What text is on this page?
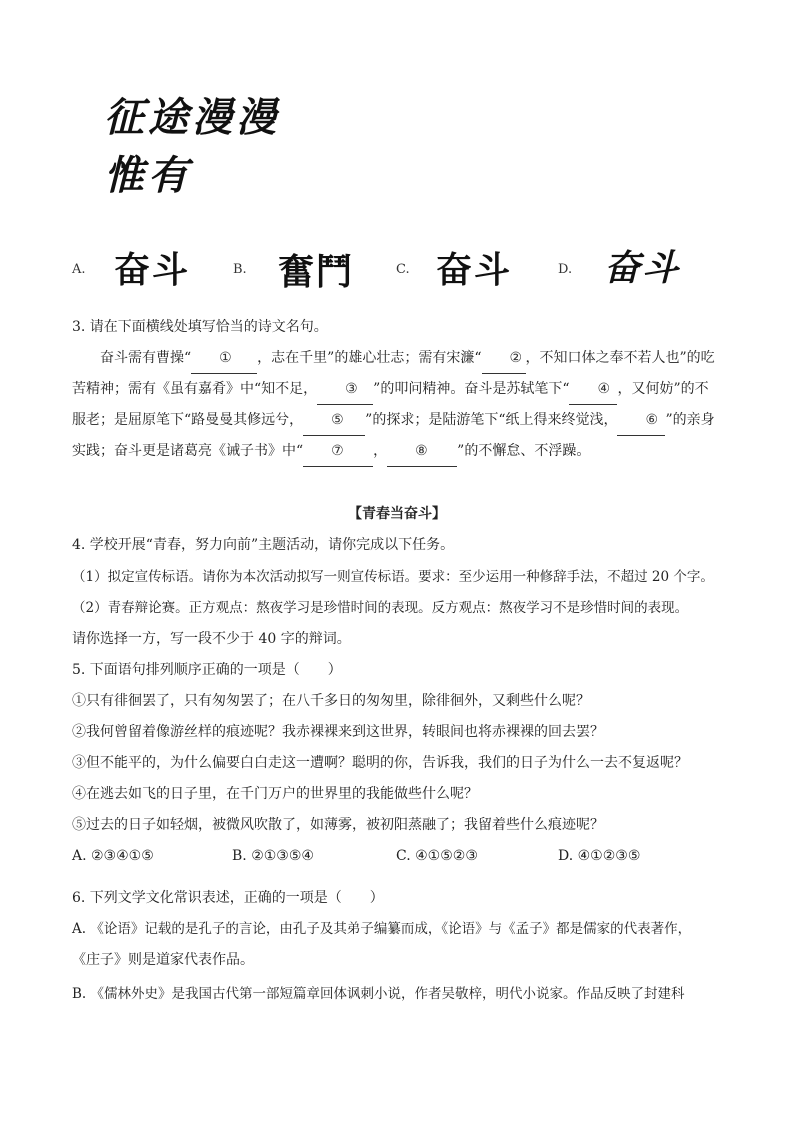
征途漫漫
惟有
A. 奋斗	B. 奮鬥	C. 奋斗	D. 奋斗
3. 请在下面横线处填写恰当的诗文名句。
奋斗需有曹操“ ① ，志在千里”的雄心壮志；需有宋濂“ ② ，不知口体之奉不若人也”的吃苦精神；需有《虽有嘉肴》中“知不足， ③ ”的叩问精神。奋斗是苏轼笔下“ ④ ，又何妨”的不服老；是屈原笔下“路曼曼其修远兮， ⑤ ”的探求；是陆游笔下“纸上得来终觉浅， ⑥ ”的亲身实践；奋斗更是诸葛亮《诫子书》中“ ⑦ ， ⑧ ”的不懈怠、不浮躁。
【青春当奋斗】
4. 学校开展“青春，努力向前”主题活动，请你完成以下任务。
（1）拟定宣传标语。请你为本次活动拟写一则宣传标语。要求：至少运用一种修辞手法，不超过 20 个字。
（2）青春辩论赛。正方观点：熬夜学习是珍惜时间的表现。反方观点：熬夜学习不是珍惜时间的表现。
请你选择一方，写一段不少于 40 字的辩词。
5. 下面语句排列顺序正确的一项是（　　）
①只有徘徊罢了，只有匆匆罢了；在八千多日的匆匆里，除徘徊外，又剩些什么呢？
②我何曾留着像游丝样的痕迹呢？我赤裸裸来到这世界，转眼间也将赤裸裸的回去罢？
③但不能平的，为什么偏要白白走这一遭啊？聪明的你，告诉我，我们的日子为什么一去不复返呢？
④在逃去如飞的日子里，在千门万户的世界里的我能做些什么呢？
⑤过去的日子如轻烟，被微风吹散了，如薄雾，被初阳蒸融了；我留着些什么痕迹呢？
A. ②③④①⑤	B. ②①③⑤④	C. ④①⑤②③	D. ④①②③⑤
6. 下列文学文化常识表述，正确的一项是（　　）
A. 《论语》记载的是孔子的言论，由孔子及其弟子编纂而成，《论语》与《孟子》都是儒家的代表著作，
《庄子》则是道家代表作品。
B. 《儒林外史》是我国古代第一部短篇章回体讽刺小说，作者吴敬梓，明代小说家。作品反映了封建科
